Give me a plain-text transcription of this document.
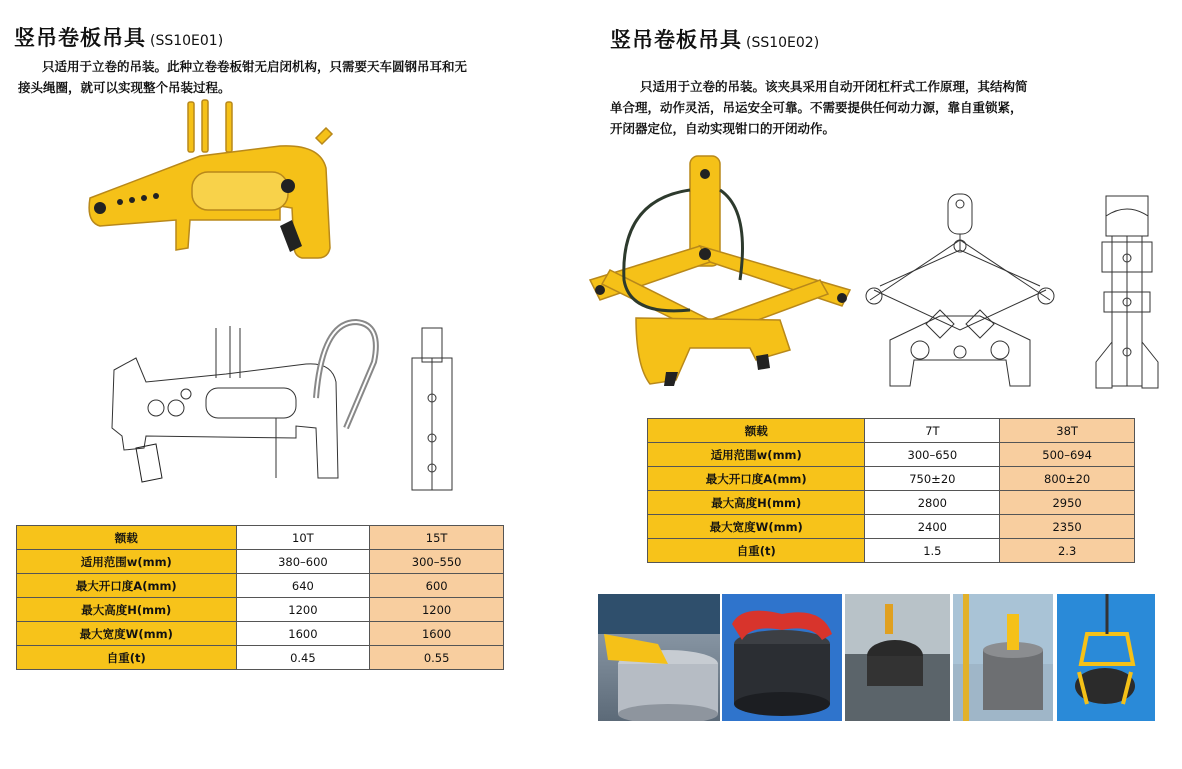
竖吊卷板吊具 (SS10E01)
只适用于立卷的吊装。此种立卷卷板钳无启闭机构，只需要天车圆钢吊耳和无
接头绳圈，就可以实现整个吊装过程。
额载	10T	15T
适用范围w(mm)	380–600	300–550
最大开口度A(mm)	640	600
最大高度H(mm)	1200	1200
最大宽度W(mm)	1600	1600
自重(t)	0.45	0.55
竖吊卷板吊具 (SS10E02)
只适用于立卷的吊装。该夹具采用自动开闭杠杆式工作原理，其结构简
单合理，动作灵活，吊运安全可靠。不需要提供任何动力源，靠自重锁紧，
开闭器定位，自动实现钳口的开闭动作。
额载	7T	38T
适用范围w(mm)	300–650	500–694
最大开口度A(mm)	750±20	800±20
最大高度H(mm)	2800	2950
最大宽度W(mm)	2400	2350
自重(t)	1.5	2.3
